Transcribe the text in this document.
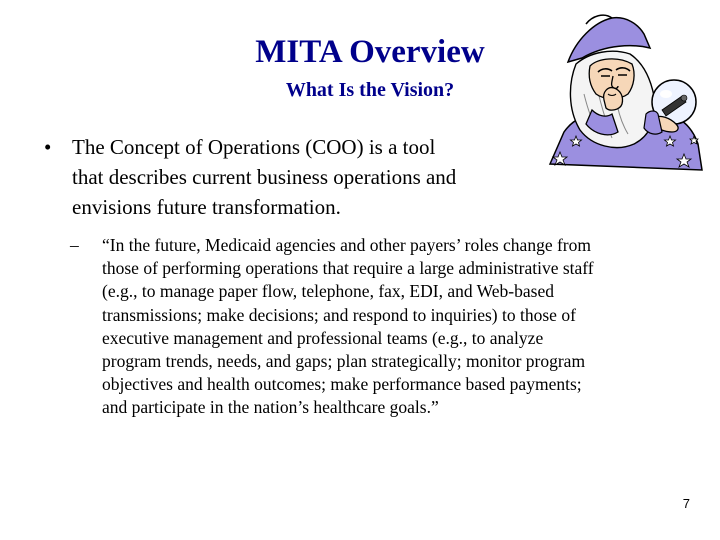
MITA Overview
What Is the Vision?
• The Concept of Operations (COO) is a tool
that describes current business operations and
envisions future transformation.
– “In the future, Medicaid agencies and other payers’ roles change from
those of performing operations that require a large administrative staff
(e.g., to manage paper flow, telephone, fax, EDI, and Web-based
transmissions; make decisions; and respond to inquiries) to those of
executive management and professional teams (e.g., to analyze
program trends, needs, and gaps; plan strategically; monitor program
objectives and health outcomes; make performance based payments;
and participate in the nation’s healthcare goals.”
7
